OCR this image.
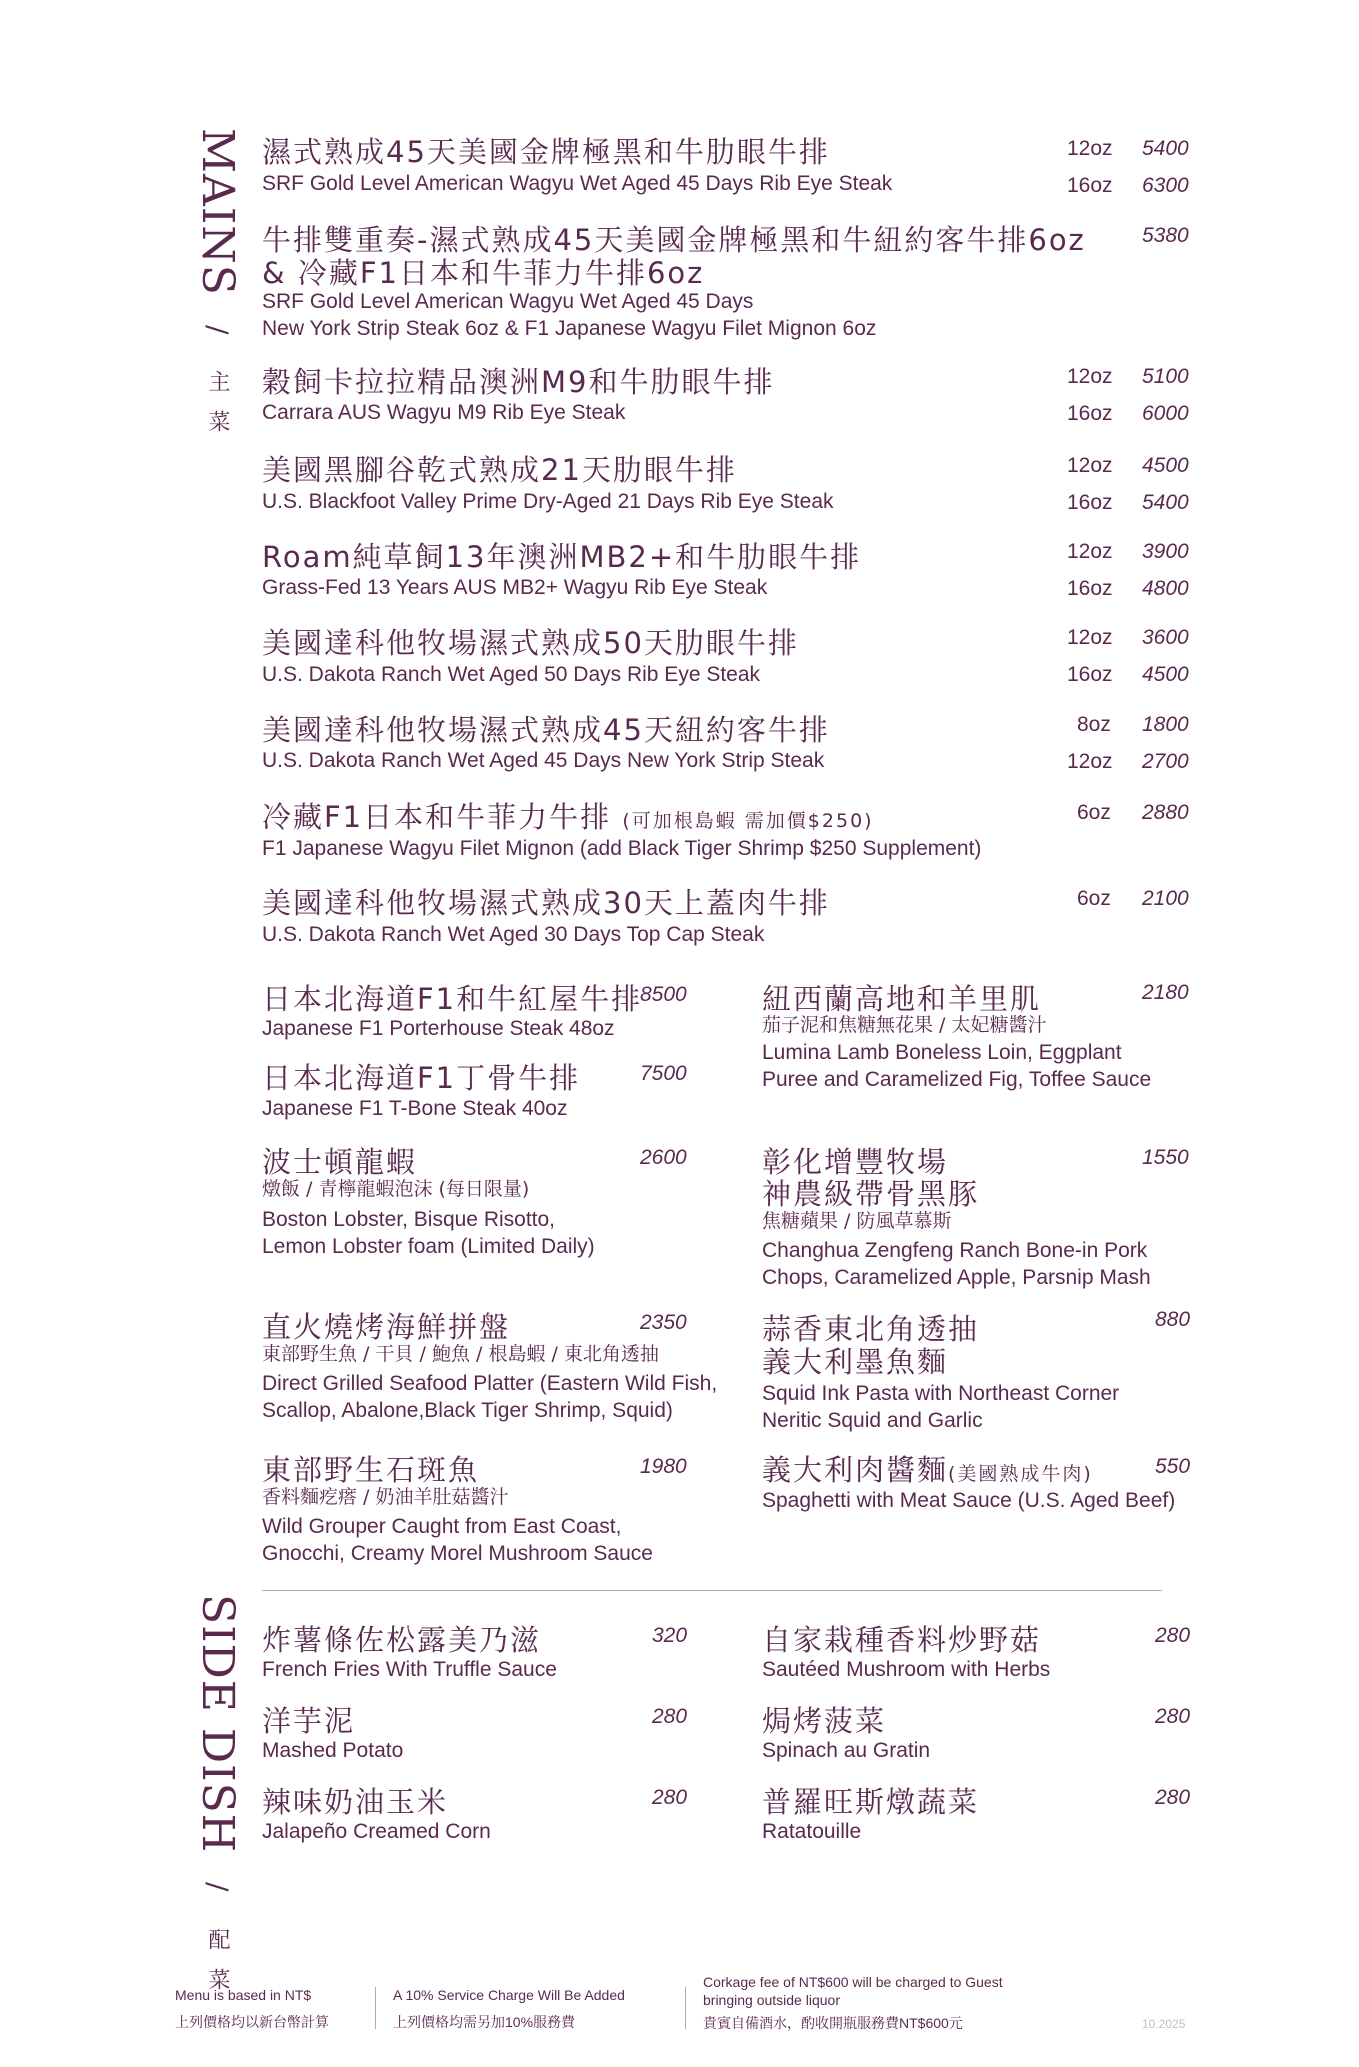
MAINS / 主菜
SIDE DISH / 配菜
濕式熟成45天美國金牌極黑和牛肋眼牛排
SRF Gold Level American Wagyu Wet Aged 45 Days Rib Eye Steak
12oz 5400
16oz 6300
牛排雙重奏-濕式熟成45天美國金牌極黑和牛紐約客牛排6oz
& 冷藏F1日本和牛菲力牛排6oz
SRF Gold Level American Wagyu Wet Aged 45 Days
New York Strip Steak 6oz & F1 Japanese Wagyu Filet Mignon 6oz
5380
穀飼卡拉拉精品澳洲M9和牛肋眼牛排
Carrara AUS Wagyu M9 Rib Eye Steak
12oz 5100
16oz 6000
美國黑腳谷乾式熟成21天肋眼牛排
U.S. Blackfoot Valley Prime Dry-Aged 21 Days Rib Eye Steak
12oz 4500
16oz 5400
Roam純草飼13年澳洲MB2+和牛肋眼牛排
Grass-Fed 13 Years AUS MB2+ Wagyu Rib Eye Steak
12oz 3900
16oz 4800
美國達科他牧場濕式熟成50天肋眼牛排
U.S. Dakota Ranch Wet Aged 50 Days Rib Eye Steak
12oz 3600
16oz 4500
美國達科他牧場濕式熟成45天紐約客牛排
U.S. Dakota Ranch Wet Aged 45 Days New York Strip Steak
8oz 1800
12oz 2700
冷藏F1日本和牛菲力牛排 (可加根島蝦 需加價$250)
F1 Japanese Wagyu Filet Mignon (add Black Tiger Shrimp $250 Supplement)
6oz 2880
美國達科他牧場濕式熟成30天上蓋肉牛排
U.S. Dakota Ranch Wet Aged 30 Days Top Cap Steak
6oz 2100
日本北海道F1和牛紅屋牛排
8500
Japanese F1 Porterhouse Steak 48oz
日本北海道F1丁骨牛排	7500
Japanese F1 T-Bone Steak 40oz
波士頓龍蝦	2600
燉飯 / 青檸龍蝦泡沫 (每日限量)
Boston Lobster, Bisque Risotto,
Lemon Lobster foam (Limited Daily)
直火燒烤海鮮拼盤	2350
東部野生魚 / 干貝 / 鮑魚 / 根島蝦 / 東北角透抽
Direct Grilled Seafood Platter (Eastern Wild Fish,
Scallop, Abalone,Black Tiger Shrimp, Squid)
東部野生石斑魚	1980
香料麵疙瘩 / 奶油羊肚菇醬汁
Wild Grouper Caught from East Coast,
Gnocchi, Creamy Morel Mushroom Sauce
紐西蘭高地和羊里肌	2180
茄子泥和焦糖無花果 / 太妃糖醬汁
Lumina Lamb Boneless Loin, Eggplant
Puree and Caramelized Fig, Toffee Sauce
彰化增豐牧場
神農級帶骨黑豚
1550
焦糖蘋果 / 防風草慕斯
Changhua Zengfeng Ranch Bone-in Pork
Chops, Caramelized Apple, Parsnip Mash
蒜香東北角透抽
義大利墨魚麵
880
Squid Ink Pasta with Northeast Corner
Neritic Squid and Garlic
義大利肉醬麵(美國熟成牛肉)	550
Spaghetti with Meat Sauce (U.S. Aged Beef)
炸薯條佐松露美乃滋	320
French Fries With Truffle Sauce
洋芋泥	280
Mashed Potato
辣味奶油玉米	280
Jalapeño Creamed Corn
自家栽種香料炒野菇	280
Sautéed Mushroom with Herbs
焗烤菠菜	280
Spinach au Gratin
普羅旺斯燉蔬菜	280
Ratatouille
Menu is based in NT$
上列價格均以新台幣計算
A 10% Service Charge Will Be Added
上列價格均需另加10%服務費
Corkage fee of NT$600 will be charged to Guest
bringing outside liquor
貴賓自備酒水，酌收開瓶服務費NT$600元	10.2025
